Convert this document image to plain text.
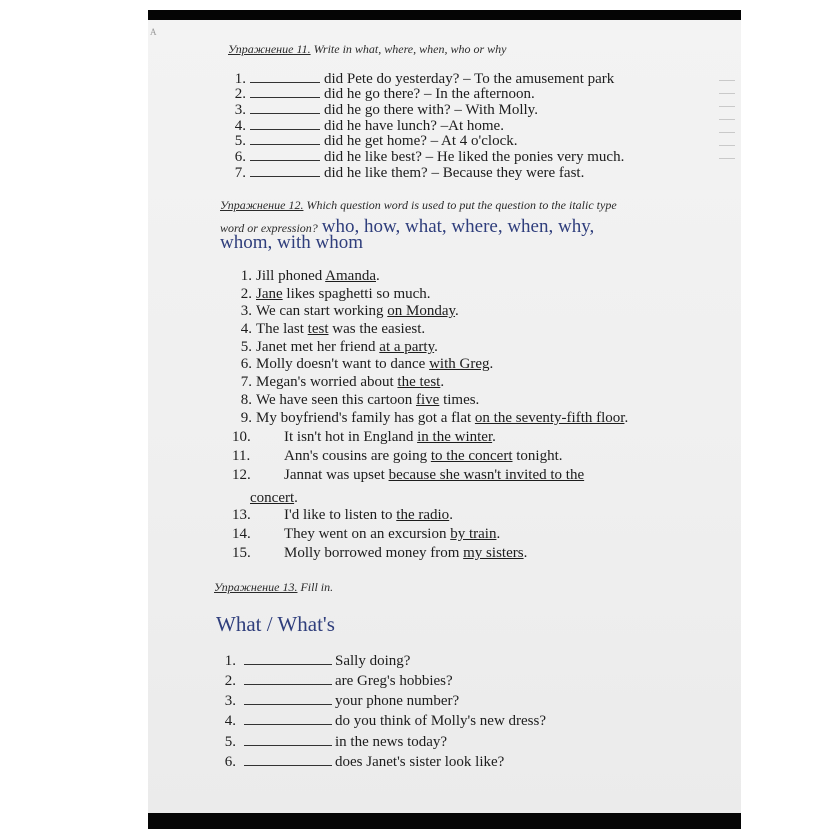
Упражнение 11. Write in what, where, when, who or why
1.	did Pete do yesterday? – To the amusement park
2.	did he go there? – In the afternoon.
3.	did he go there with? – With Molly.
4.	did he have lunch? –At home.
5.	did he get home? – At 4 o'clock.
6.	did he like best? – He liked the ponies very much.
7.	did he like them? – Because they were fast.
Упражнение 12. Which question word is used to put the question to the italic type
word or expression? who, how, what, where, when, why,
whom, with whom
1. Jill phoned Amanda.
2. Jane likes spaghetti so much.
3. We can start working on Monday.
4. The last test was the easiest.
5. Janet met her friend at a party.
6. Molly doesn't want to dance with Greg.
7. Megan's worried about the test.
8. We have seen this cartoon five times.
9. My boyfriend's family has got a flat on the seventy-fifth floor.
10. It isn't hot in England in the winter.
11. Ann's cousins are going to the concert tonight.
12. Jannat was upset because she wasn't invited to the
13. I'd like to listen to the radio.
14. They went on an excursion by train.
15. Molly borrowed money from my sisters.
concert.
Упражнение 13. Fill in.
What / What's
1.	Sally doing?
2.	are Greg's hobbies?
3.	your phone number?
4.	do you think of Molly's new dress?
5.	in the news today?
6.	does Janet's sister look like?
A
